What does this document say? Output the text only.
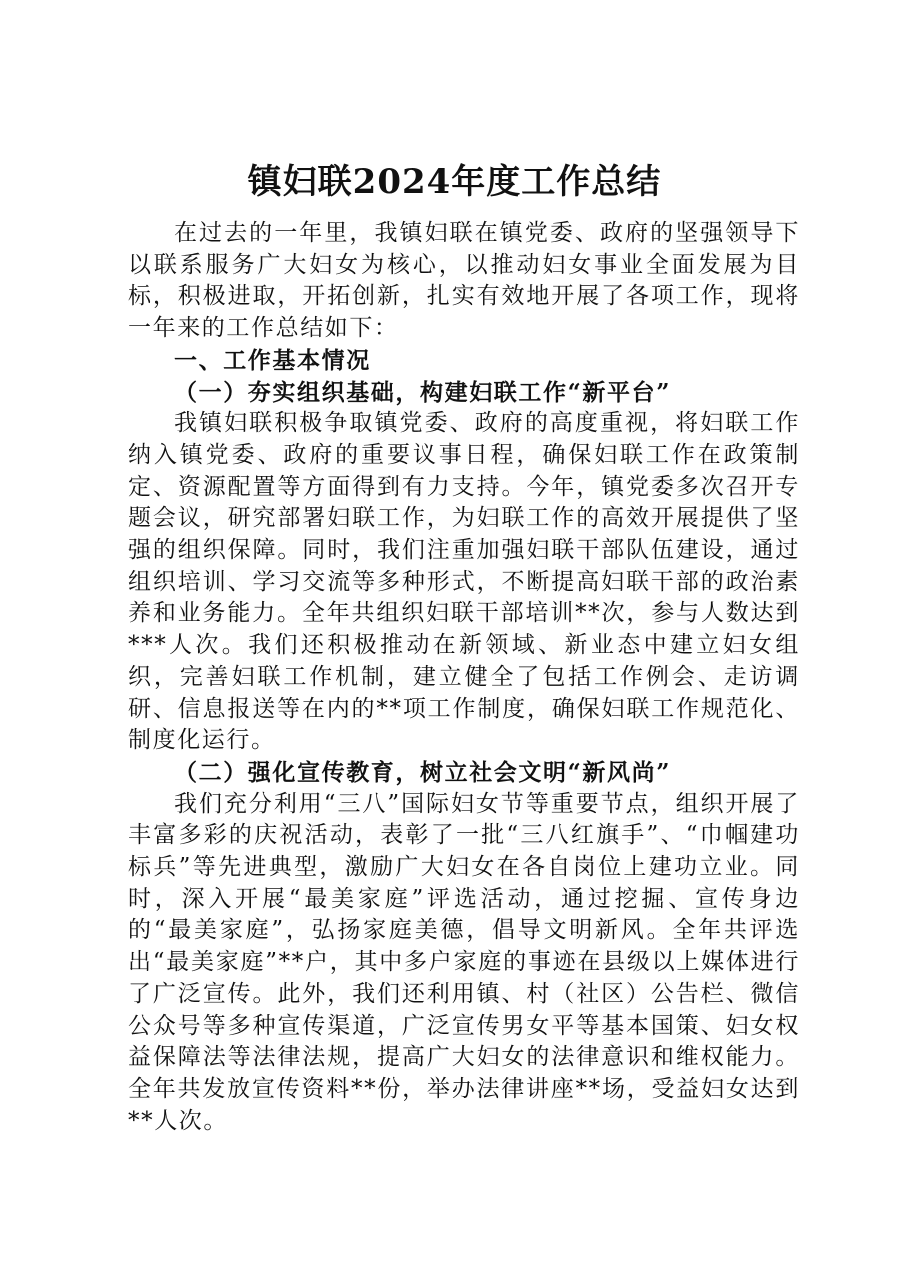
镇妇联2024年度工作总结

在过去的一年里，我镇妇联在镇党委、政府的坚强领导下以联系服务广大妇女为核心，以推动妇女事业全面发展为目标，积极进取，开拓创新，扎实有效地开展了各项工作，现将一年来的工作总结如下：

一、工作基本情况

（一）夯实组织基础，构建妇联工作“新平台”

我镇妇联积极争取镇党委、政府的高度重视，将妇联工作纳入镇党委、政府的重要议事日程，确保妇联工作在政策制定、资源配置等方面得到有力支持。今年，镇党委多次召开专题会议，研究部署妇联工作，为妇联工作的高效开展提供了坚强的组织保障。同时，我们注重加强妇联干部队伍建设，通过组织培训、学习交流等多种形式，不断提高妇联干部的政治素养和业务能力。全年共组织妇联干部培训**次，参与人数达到***人次。我们还积极推动在新领域、新业态中建立妇女组织，完善妇联工作机制，建立健全了包括工作例会、走访调研、信息报送等在内的**项工作制度，确保妇联工作规范化、制度化运行。

（二）强化宣传教育，树立社会文明“新风尚”

我们充分利用“三八”国际妇女节等重要节点，组织开展了丰富多彩的庆祝活动，表彰了一批“三八红旗手”、“巾帼建功标兵”等先进典型，激励广大妇女在各自岗位上建功立业。同时，深入开展“最美家庭”评选活动，通过挖掘、宣传身边的“最美家庭”，弘扬家庭美德，倡导文明新风。全年共评选出“最美家庭”**户，其中多户家庭的事迹在县级以上媒体进行了广泛宣传。此外，我们还利用镇、村（社区）公告栏、微信公众号等多种宣传渠道，广泛宣传男女平等基本国策、妇女权益保障法等法律法规，提高广大妇女的法律意识和维权能力。全年共发放宣传资料**份，举办法律讲座**场，受益妇女达到**人次。
